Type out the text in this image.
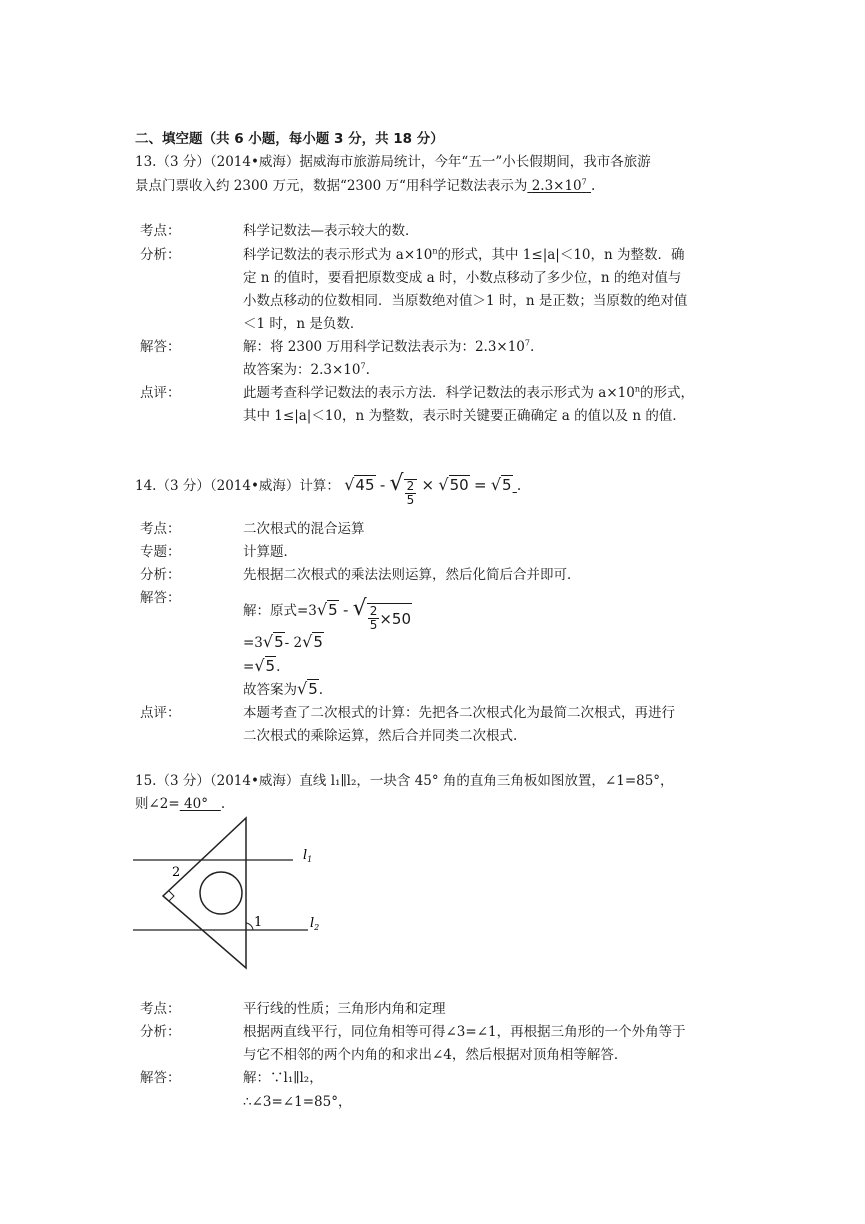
二、填空题（共 6 小题，每小题 3 分，共 18 分）
13.（3 分）（2014•威海）据威海市旅游局统计，今年“五一”小长假期间，我市各旅游
景点门票收入约 2300 万元，数据“2300 万“用科学记数法表示为 $2.3\times 10^7$ .
考点：	科学记数法—表示较大的数．
分析：	科学记数法的表示形式为 $a\times 10^n$的形式，其中 1≤|a|＜10，n 为整数．确
定 n 的值时，要看把原数变成 a 时，小数点移动了多少位，n 的绝对值与
小数点移动的位数相同．当原数绝对值＞1 时，n 是正数；当原数的绝对值
＜1 时，n 是负数．
解答：	解：将 2300 万用科学记数法表示为：$2.3\times 10^7$.
故答案为：$2.3\times 10^7$.
点评：	此题考查科学记数法的表示方法．科学记数法的表示形式为 $a\times 10^n$的形式，
其中 1≤|a|＜10，n 为整数，表示时关键要正确确定 a 的值以及 n 的值．
14.（3 分）（2014•威海）计算： √45 - √ $\frac{2}{5} \times √50 = √5$ .
考点：	二次根式的混合运算
专题：	计算题．
分析：	先根据二次根式的乘法法则运算，然后化简后合并即可．
解答：
解：原式=3√5 - √ $\frac{2}{5} \times 50$
=3√5- 2√5
=√5.
故答案为√5.
点评：	本题考查了二次根式的计算：先把各二次根式化为最简二次根式，再进行
二次根式的乘除运算，然后合并同类二次根式.
15.（3 分）（2014•威海）直线 l₁∥l₂，一块含 45° 角的直角三角板如图放置，∠1=85°，
则∠2= 40° .
1
2
$l_1$
$l_2$
考点：	平行线的性质；三角形内角和定理
分析：	根据两直线平行，同位角相等可得∠3=∠1，再根据三角形的一个外角等于
与它不相邻的两个内角的和求出∠4，然后根据对顶角相等解答．
解答：	解：∵l₁∥l₂，
∴∠3=∠1=85°，
